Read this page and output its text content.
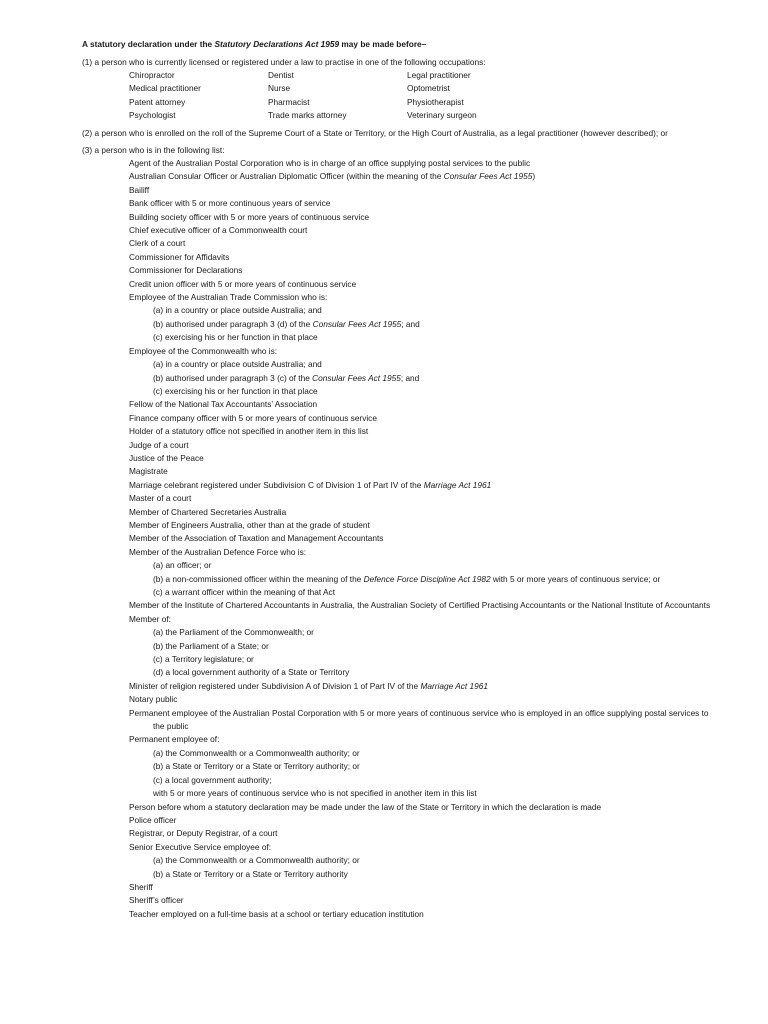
A statutory declaration under the Statutory Declarations Act 1959 may be made before–
(1) a person who is currently licensed or registered under a law to practise in one of the following occupations:
Chiropractor	Dentist	Legal practitioner
Medical practitioner	Nurse	Optometrist
Patent attorney	Pharmacist	Physiotherapist
Psychologist	Trade marks attorney	Veterinary surgeon
(2) a person who is enrolled on the roll of the Supreme Court of a State or Territory, or the High Court of Australia, as a legal practitioner (however described); or
(3) a person who is in the following list:
Agent of the Australian Postal Corporation who is in charge of an office supplying postal services to the public
Australian Consular Officer or Australian Diplomatic Officer (within the meaning of the Consular Fees Act 1955)
Bailiff
Bank officer with 5 or more continuous years of service
Building society officer with 5 or more years of continuous service
Chief executive officer of a Commonwealth court
Clerk of a court
Commissioner for Affidavits
Commissioner for Declarations
Credit union officer with 5 or more years of continuous service
Employee of the Australian Trade Commission who is:
(a) in a country or place outside Australia; and
(b) authorised under paragraph 3 (d) of the Consular Fees Act 1955; and
(c) exercising his or her function in that place
Employee of the Commonwealth who is:
(a) in a country or place outside Australia; and
(b) authorised under paragraph 3 (c) of the Consular Fees Act 1955; and
(c) exercising his or her function in that place
Fellow of the National Tax Accountants’ Association
Finance company officer with 5 or more years of continuous service
Holder of a statutory office not specified in another item in this list
Judge of a court
Justice of the Peace
Magistrate
Marriage celebrant registered under Subdivision C of Division 1 of Part IV of the Marriage Act 1961
Master of a court
Member of Chartered Secretaries Australia
Member of Engineers Australia, other than at the grade of student
Member of the Association of Taxation and Management Accountants
Member of the Australian Defence Force who is:
(a) an officer; or
(b) a non-commissioned officer within the meaning of the Defence Force Discipline Act 1982 with 5 or more years of continuous service; or
(c) a warrant officer within the meaning of that Act
Member of the Institute of Chartered Accountants in Australia, the Australian Society of Certified Practising Accountants or the National Institute of Accountants
Member of:
(a) the Parliament of the Commonwealth; or
(b) the Parliament of a State; or
(c) a Territory legislature; or
(d) a local government authority of a State or Territory
Minister of religion registered under Subdivision A of Division 1 of Part IV of the Marriage Act 1961
Notary public
Permanent employee of the Australian Postal Corporation with 5 or more years of continuous service who is employed in an office supplying postal services to the public
Permanent employee of:
(a) the Commonwealth or a Commonwealth authority; or
(b) a State or Territory or a State or Territory authority; or
(c) a local government authority;
with 5 or more years of continuous service who is not specified in another item in this list
Person before whom a statutory declaration may be made under the law of the State or Territory in which the declaration is made
Police officer
Registrar, or Deputy Registrar, of a court
Senior Executive Service employee of:
(a) the Commonwealth or a Commonwealth authority; or
(b) a State or Territory or a State or Territory authority
Sheriff
Sheriff’s officer
Teacher employed on a full-time basis at a school or tertiary education institution
